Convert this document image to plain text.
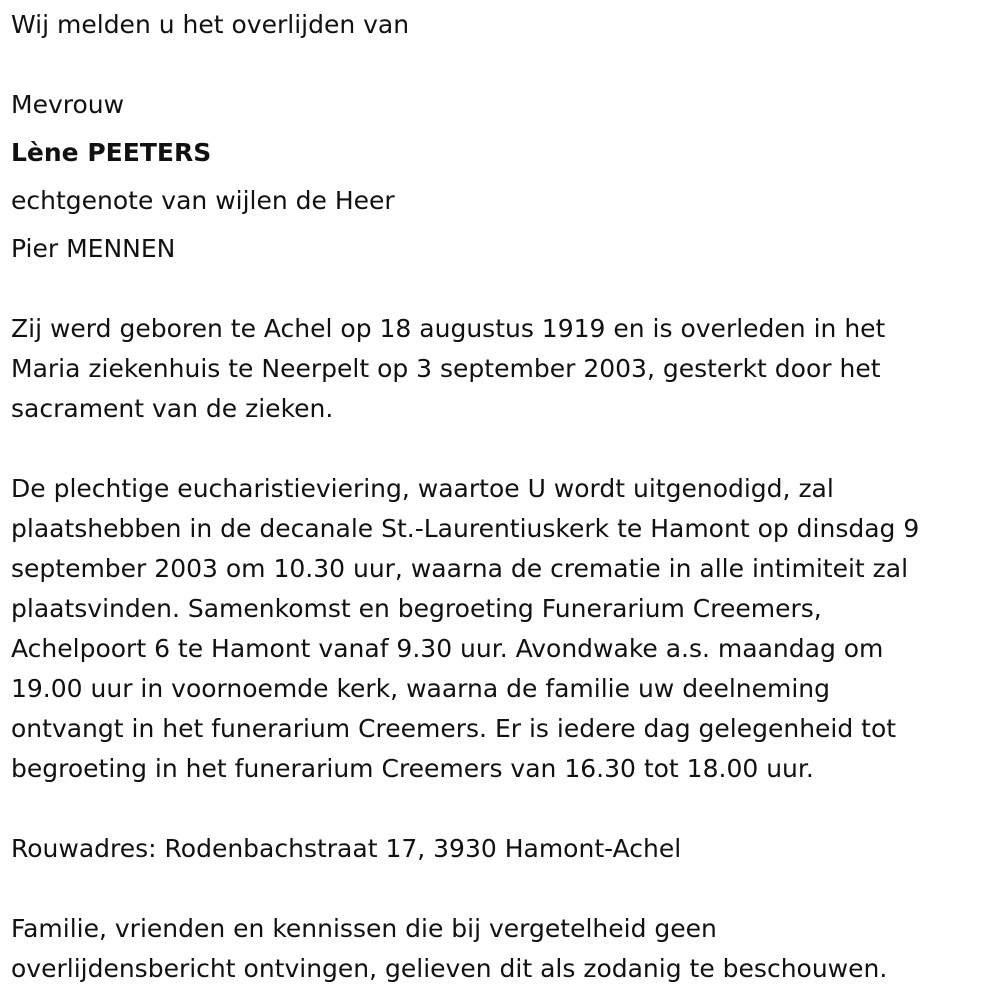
Wij melden u het overlijden van

Mevrouw

Lène PEETERS

echtgenote van wijlen de Heer

Pier MENNEN

Zij werd geboren te Achel op 18 augustus 1919 en is overleden in het
Maria ziekenhuis te Neerpelt op 3 september 2003, gesterkt door het
sacrament van de zieken.
De plechtige eucharistieviering, waartoe U wordt uitgenodigd, zal
plaatshebben in de decanale St.-Laurentiuskerk te Hamont op dinsdag 9
september 2003 om 10.30 uur, waarna de crematie in alle intimiteit zal
plaatsvinden. Samenkomst en begroeting Funerarium Creemers,
Achelpoort 6 te Hamont vanaf 9.30 uur. Avondwake a.s. maandag om
19.00 uur in voornoemde kerk, waarna de familie uw deelneming
ontvangt in het funerarium Creemers. Er is iedere dag gelegenheid tot
begroeting in het funerarium Creemers van 16.30 tot 18.00 uur.

Rouwadres: Rodenbachstraat 17, 3930 Hamont-Achel

Familie, vrienden en kennissen die bij vergetelheid geen
overlijdensbericht ontvingen, gelieven dit als zodanig te beschouwen.
